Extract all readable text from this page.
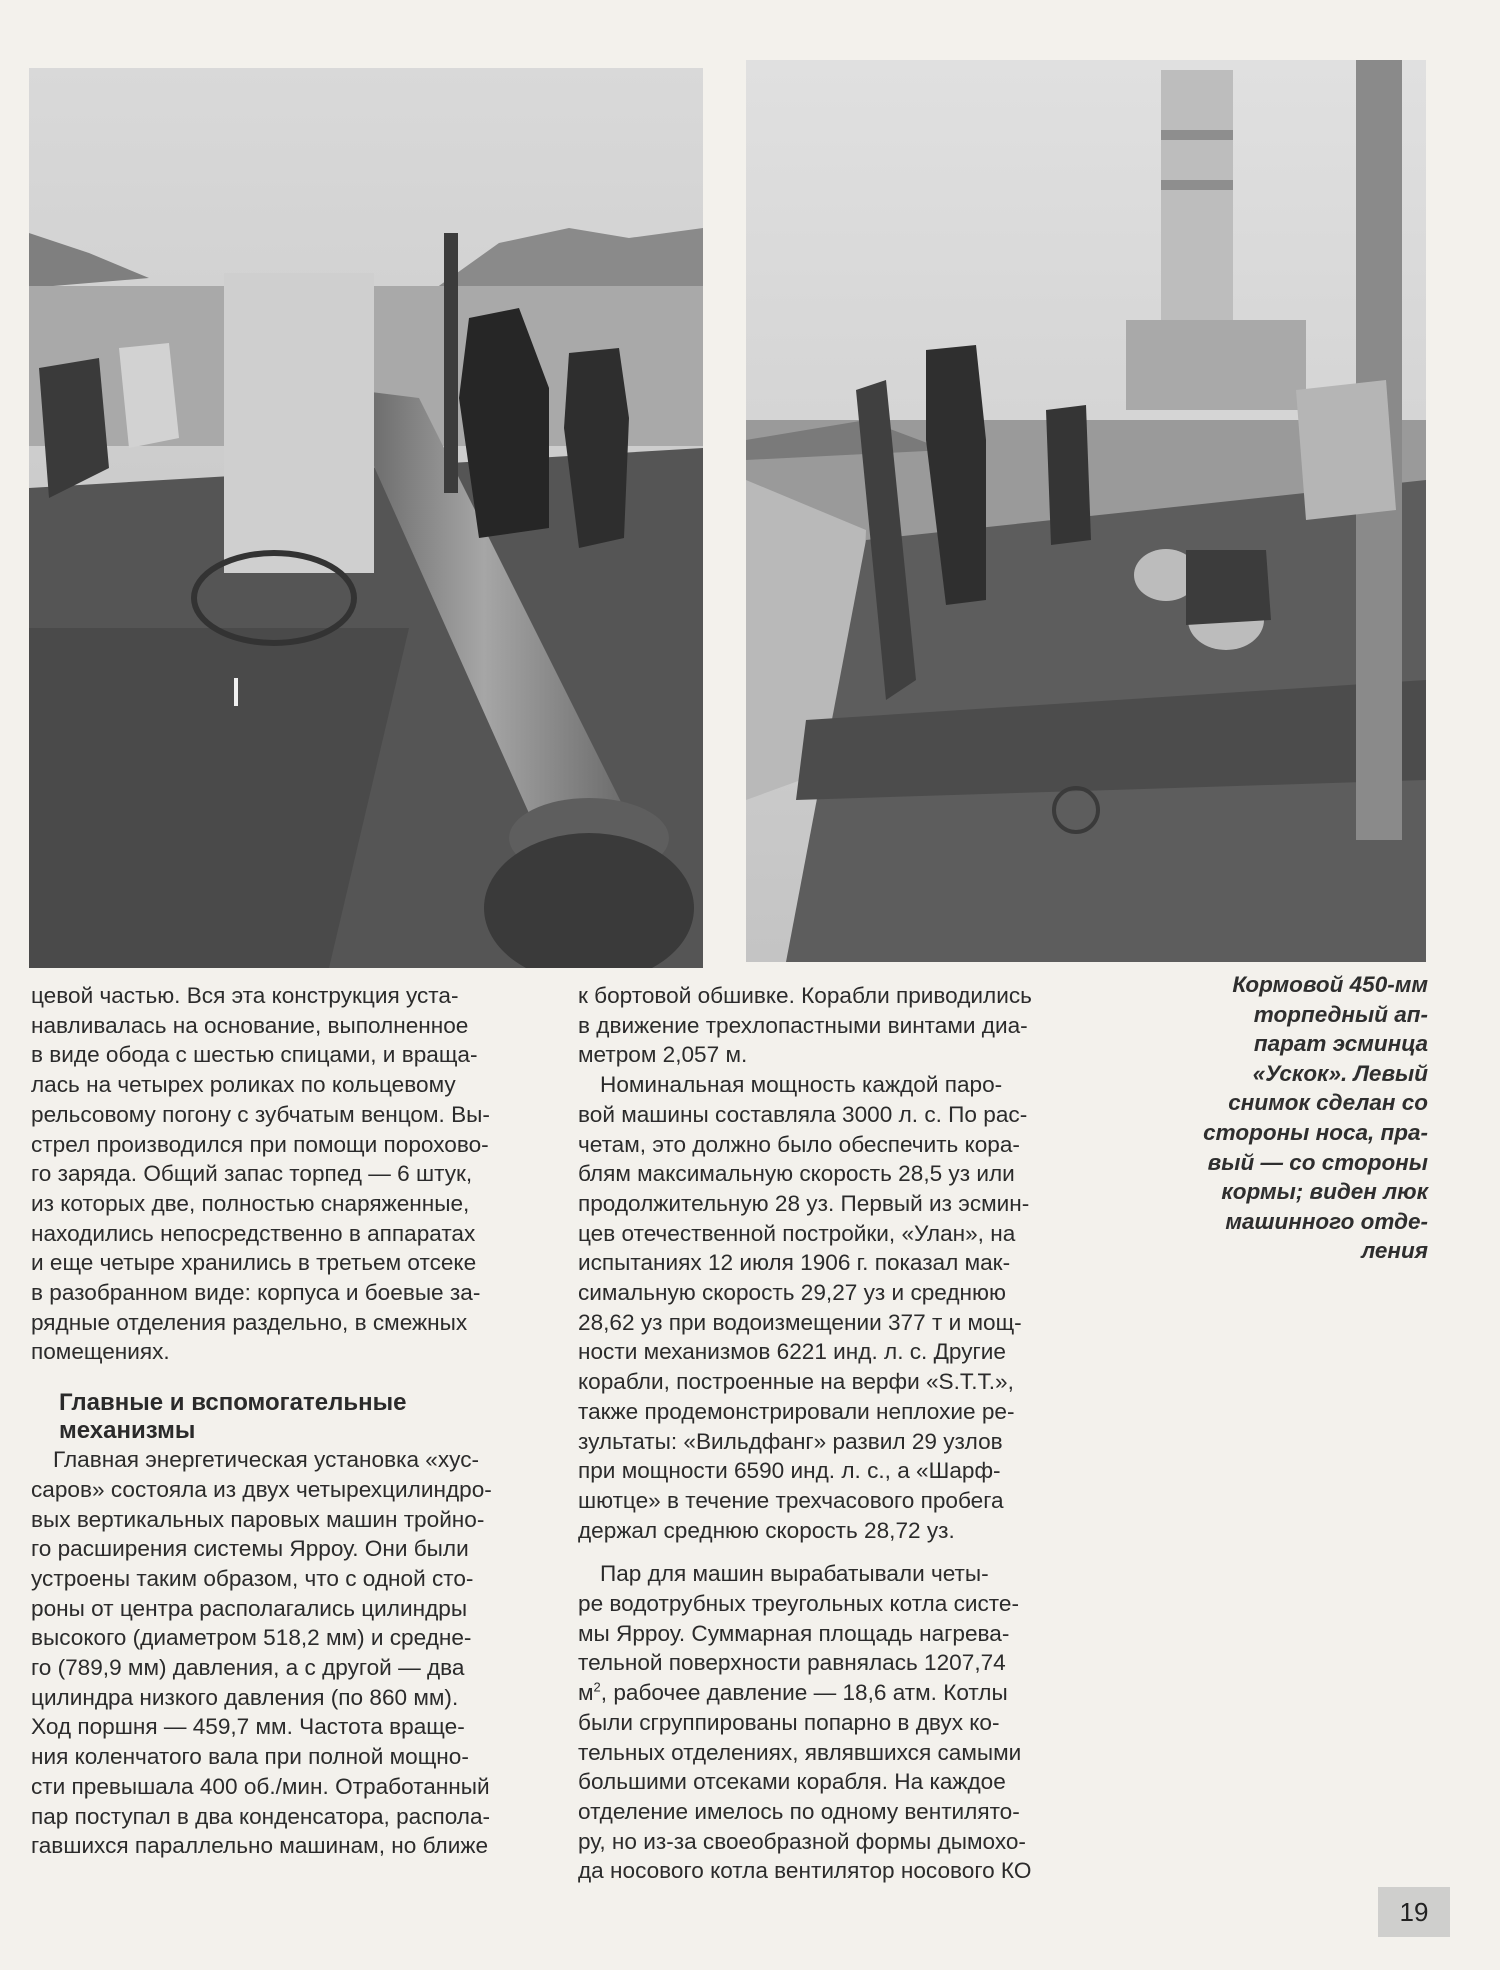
Кормовой 450-мм
торпедный ап-
парат эсминца
«Ускок». Левый
снимок сделан со
стороны носа, пра-
вый — со стороны
кормы; виден люк
машинного отде-
ления
цевой частью. Вся эта конструкция уста-
навливалась на основание, выполненное
в виде обода с шестью спицами, и враща-
лась на четырех роликах по кольцевому
рельсовому погону с зубчатым венцом. Вы-
стрел производился при помощи порохово-
го заряда. Общий запас торпед — 6 штук,
из которых две, полностью снаряженные,
находились непосредственно в аппаратах
и еще четыре хранились в третьем отсеке
в разобранном виде: корпуса и боевые за-
рядные отделения раздельно, в смежных
помещениях.
Главные и вспомогательные
механизмы
Главная энергетическая установка «хус-
саров» состояла из двух четырехцилиндро-
вых вертикальных паровых машин тройно-
го расширения системы Ярроу. Они были
устроены таким образом, что с одной сто-
роны от центра располагались цилиндры
высокого (диаметром 518,2 мм) и средне-
го (789,9 мм) давления, а с другой — два
цилиндра низкого давления (по 860 мм).
Ход поршня — 459,7 мм. Частота враще-
ния коленчатого вала при полной мощно-
сти превышала 400 об./мин. Отработанный
пар поступал в два конденсатора, распола-
гавшихся параллельно машинам, но ближе
к бортовой обшивке. Корабли приводились
в движение трехлопастными винтами диа-
метром 2,057 м.
Номинальная мощность каждой паро-
вой машины составляла 3000 л. с. По рас-
четам, это должно было обеспечить кора-
блям максимальную скорость 28,5 уз или
продолжительную 28 уз. Первый из эсмин-
цев отечественной постройки, «Улан», на
испытаниях 12 июля 1906 г. показал мак-
симальную скорость 29,27 уз и среднюю
28,62 уз при водоизмещении 377 т и мощ-
ности механизмов 6221 инд. л. с. Другие
корабли, построенные на верфи «S.T.T.»,
также продемонстрировали неплохие ре-
зультаты: «Вильдфанг» развил 29 узлов
при мощности 6590 инд. л. с., а «Шарф-
шютце» в течение трехчасового пробега
держал среднюю скорость 28,72 уз.
Пар для машин вырабатывали четы-
ре водотрубных треугольных котла систе-
мы Ярроу. Суммарная площадь нагрева-
тельной поверхности равнялась 1207,74
$м^2$, рабочее давление — 18,6 атм. Котлы
были сгруппированы попарно в двух ко-
тельных отделениях, являвшихся самыми
большими отсеками корабля. На каждое
отделение имелось по одному вентилято-
ру, но из-за своеобразной формы дымохо-
да носового котла вентилятор носового КО
19
